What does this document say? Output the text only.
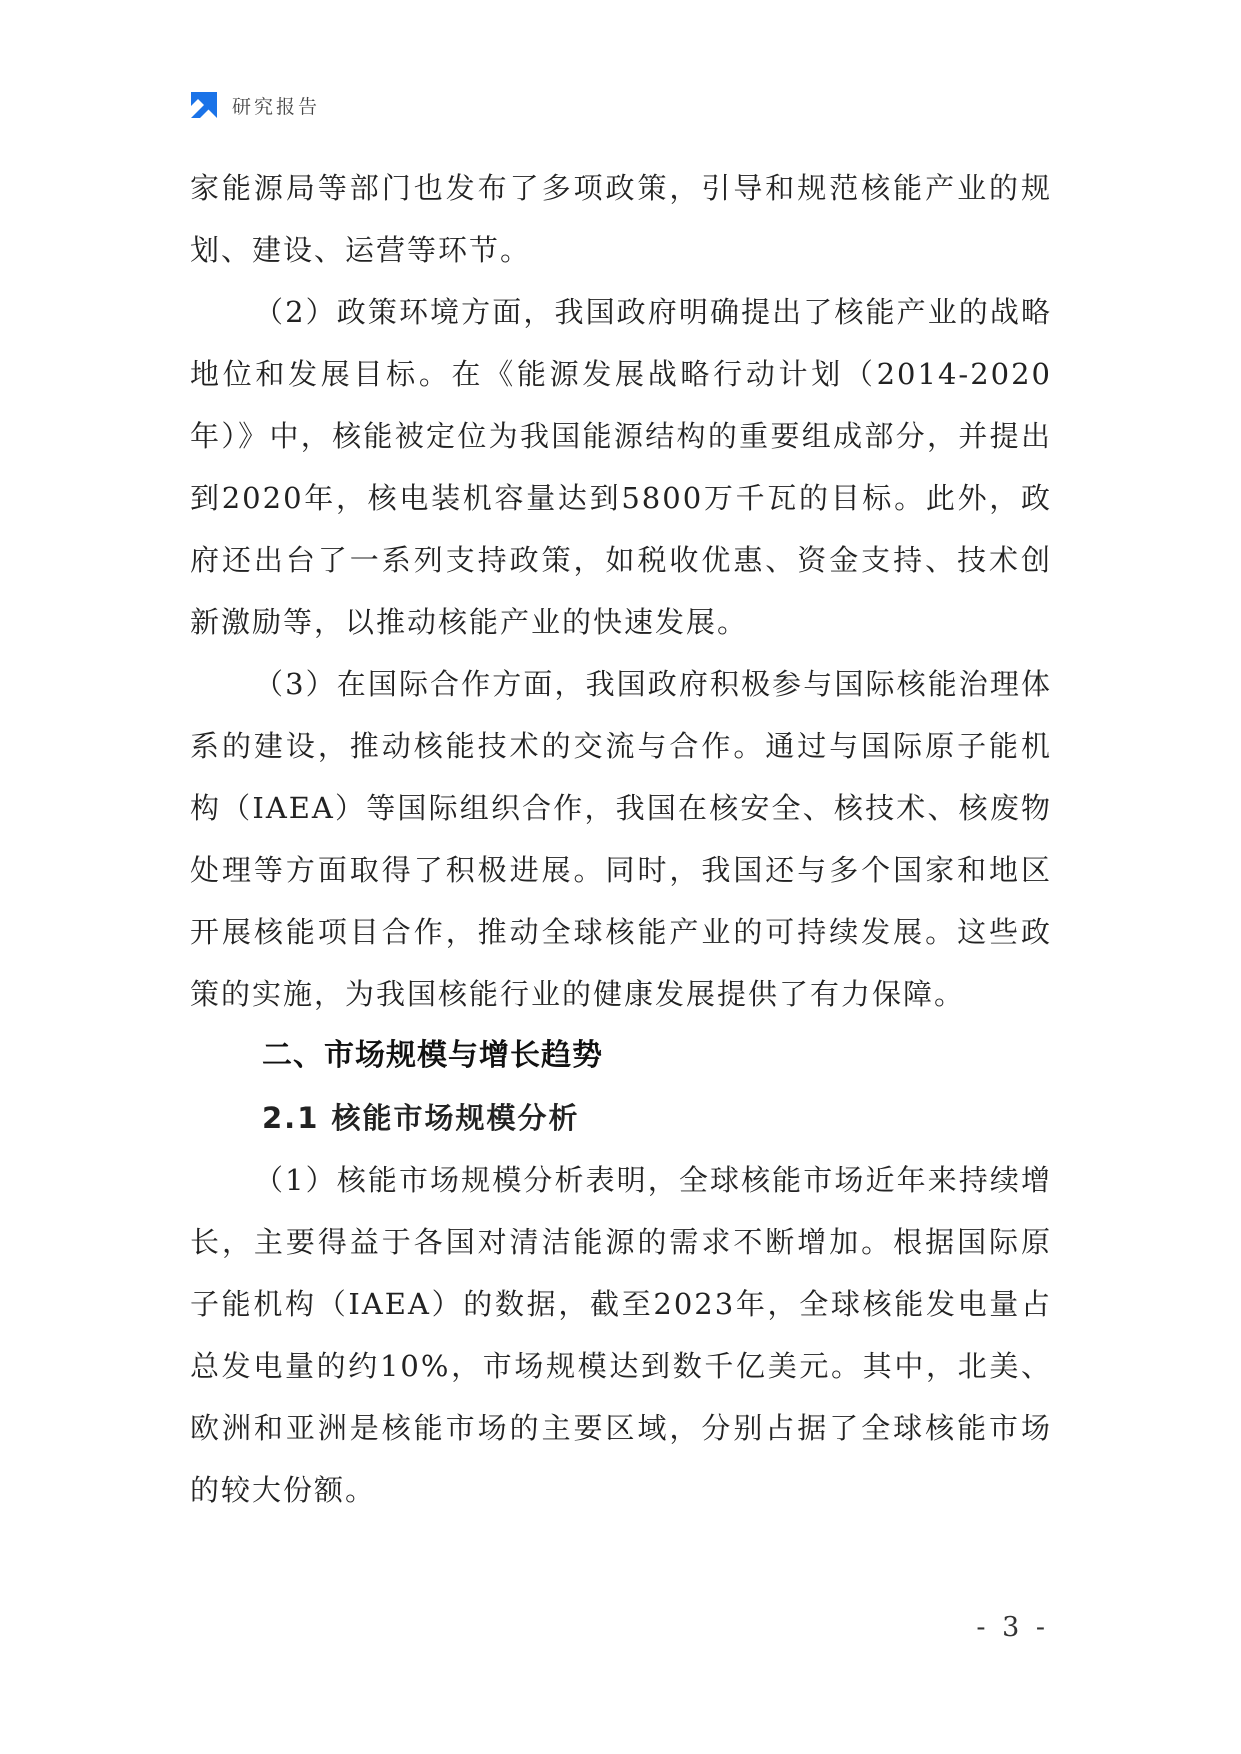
研究报告

家能源局等部门也发布了多项政策，引导和规范核能产业的规划、建设、运营等环节。

（2）政策环境方面，我国政府明确提出了核能产业的战略地位和发展目标。在《能源发展战略行动计划（2014-2020年）》中，核能被定位为我国能源结构的重要组成部分，并提出到2020年，核电装机容量达到5800万千瓦的目标。此外，政府还出台了一系列支持政策，如税收优惠、资金支持、技术创新激励等，以推动核能产业的快速发展。

（3）在国际合作方面，我国政府积极参与国际核能治理体系的建设，推动核能技术的交流与合作。通过与国际原子能机构（IAEA）等国际组织合作，我国在核安全、核技术、核废物处理等方面取得了积极进展。同时，我国还与多个国家和地区开展核能项目合作，推动全球核能产业的可持续发展。这些政策的实施，为我国核能行业的健康发展提供了有力保障。

二、市场规模与增长趋势
2.1 核能市场规模分析

（1）核能市场规模分析表明，全球核能市场近年来持续增长，主要得益于各国对清洁能源的需求不断增加。根据国际原子能机构（IAEA）的数据，截至2023年，全球核能发电量占总发电量的约10%，市场规模达到数千亿美元。其中，北美、欧洲和亚洲是核能市场的主要区域，分别占据了全球核能市场的较大份额。

- 3 -
